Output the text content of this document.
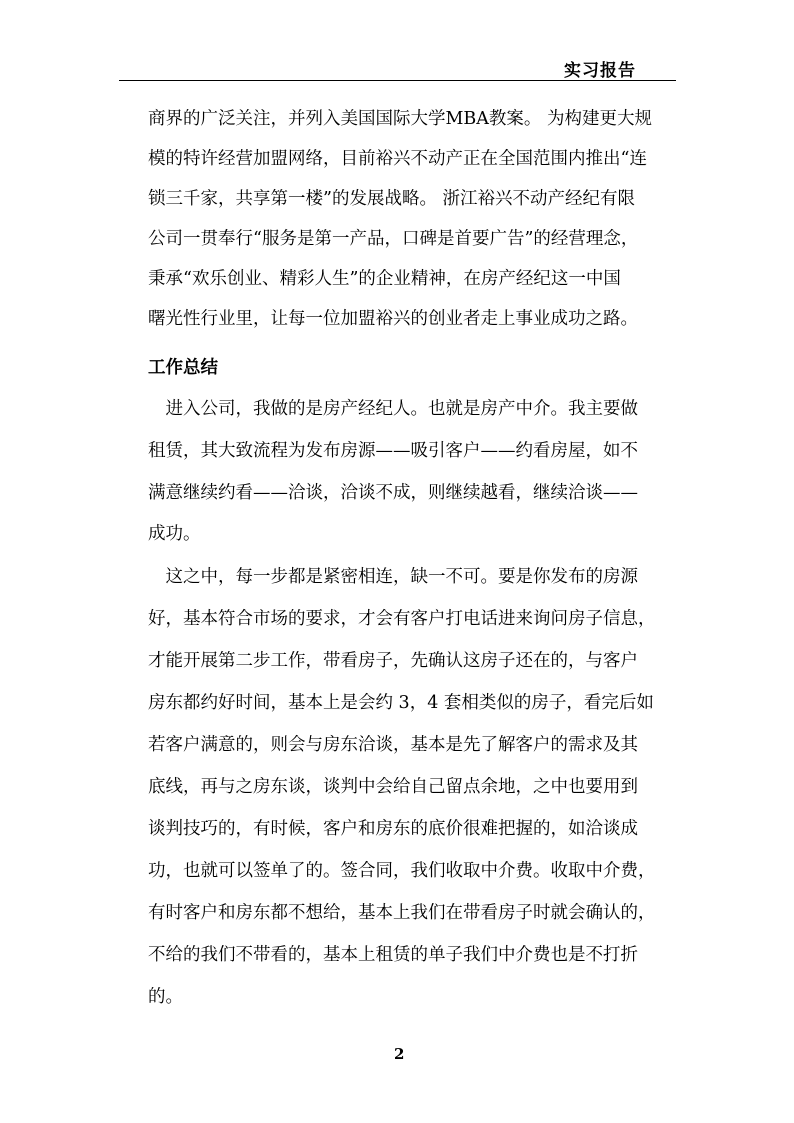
实习报告
商界的广泛关注，并列入美国国际大学MBA教案。 为构建更大规
模的特许经营加盟网络，目前裕兴不动产正在全国范围内推出“连
锁三千家，共享第一楼”的发展战略。 浙江裕兴不动产经纪有限
公司一贯奉行“服务是第一产品，口碑是首要广告”的经营理念，
秉承“欢乐创业、精彩人生”的企业精神，在房产经纪这一中国
曙光性行业里，让每一位加盟裕兴的创业者走上事业成功之路。
工作总结
　进入公司，我做的是房产经纪人。也就是房产中介。我主要做
租赁，其大致流程为发布房源——吸引客户——约看房屋，如不
满意继续约看——洽谈，洽谈不成，则继续越看，继续洽谈——
成功。
　这之中，每一步都是紧密相连，缺一不可。要是你发布的房源
好，基本符合市场的要求，才会有客户打电话进来询问房子信息，
才能开展第二步工作，带看房子，先确认这房子还在的，与客户
房东都约好时间，基本上是会约 3，4 套相类似的房子，看完后如
若客户满意的，则会与房东洽谈，基本是先了解客户的需求及其
底线，再与之房东谈，谈判中会给自己留点余地，之中也要用到
谈判技巧的，有时候，客户和房东的底价很难把握的，如洽谈成
功，也就可以签单了的。签合同，我们收取中介费。收取中介费，
有时客户和房东都不想给，基本上我们在带看房子时就会确认的，
不给的我们不带看的，基本上租赁的单子我们中介费也是不打折
的。
2
